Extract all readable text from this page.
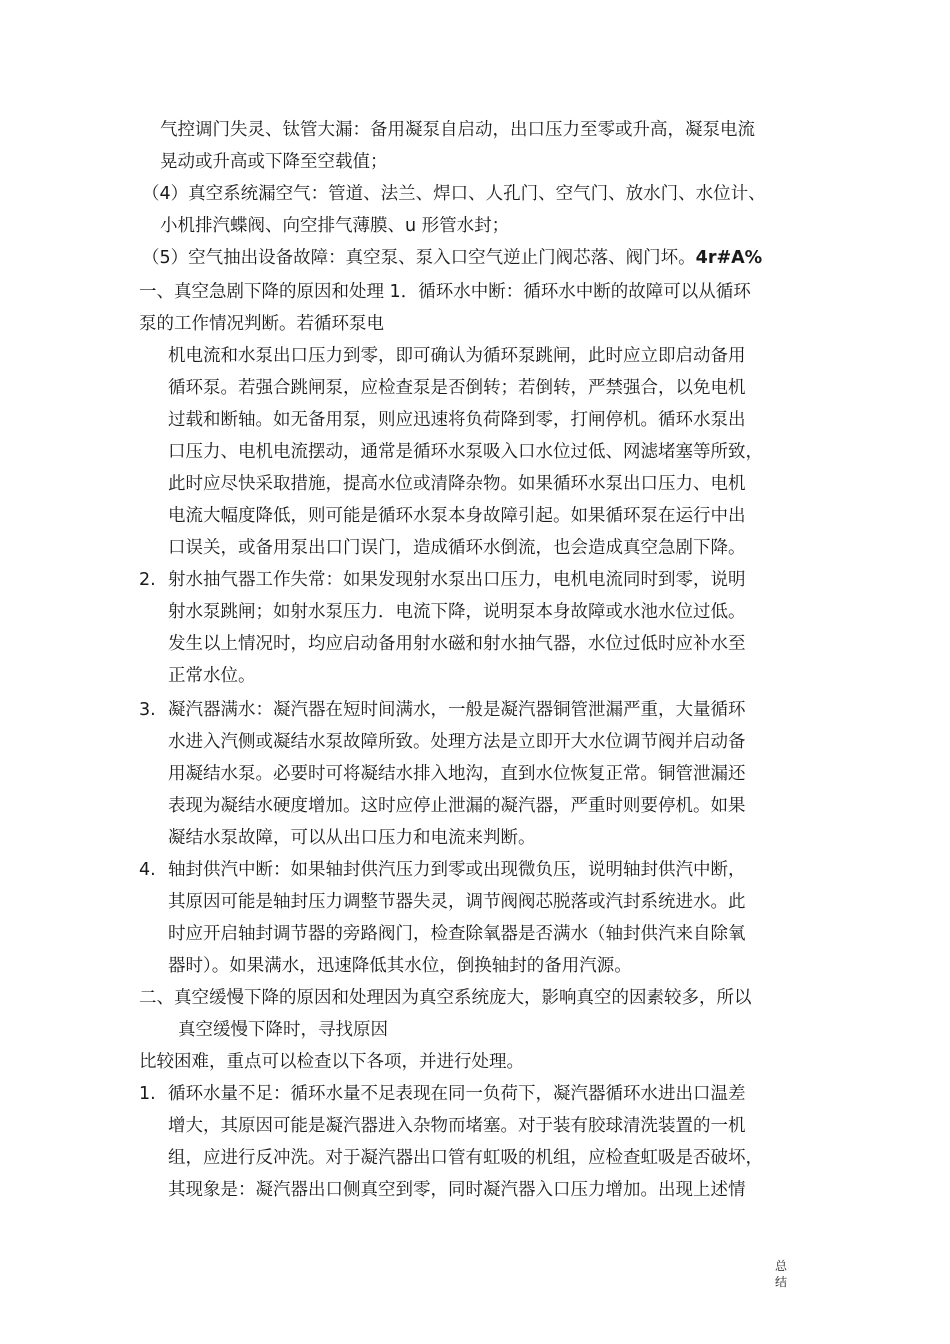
气控调门失灵、钛管大漏：备用凝泵自启动，出口压力至零或升高，凝泵电流
晃动或升高或下降至空载值；
（4）真空系统漏空气：管道、法兰、焊口、人孔门、空气门、放水门、水位计、
小机排汽蝶阀、向空排气薄膜、u 形管水封；
（5）空气抽出设备故障：真空泵、泵入口空气逆止门阀芯落、阀门坏。4r#A%
一、真空急剧下降的原因和处理 1．循环水中断：循环水中断的故障可以从循环
泵的工作情况判断。若循环泵电
机电流和水泵出口压力到零，即可确认为循环泵跳闸，此时应立即启动备用
循环泵。若强合跳闸泵，应检查泵是否倒转；若倒转，严禁强合，以免电机
过载和断轴。如无备用泵，则应迅速将负荷降到零，打闸停机。循环水泵出
口压力、电机电流摆动，通常是循环水泵吸入口水位过低、网滤堵塞等所致，
此时应尽快采取措施，提高水位或清降杂物。如果循环水泵出口压力、电机
电流大幅度降低，则可能是循环水泵本身故障引起。如果循环泵在运行中出
口误关，或备用泵出口门误门，造成循环水倒流，也会造成真空急剧下降。
2. 射水抽气器工作失常：如果发现射水泵出口压力，电机电流同时到零，说明
射水泵跳闸；如射水泵压力．电流下降，说明泵本身故障或水池水位过低。
发生以上情况时，均应启动备用射水磁和射水抽气器，水位过低时应补水至
正常水位。
3. 凝汽器满水：凝汽器在短时间满水，一般是凝汽器铜管泄漏严重，大量循环
水进入汽侧或凝结水泵故障所致。处理方法是立即开大水位调节阀并启动备
用凝结水泵。必要时可将凝结水排入地沟，直到水位恢复正常。铜管泄漏还
表现为凝结水硬度增加。这时应停止泄漏的凝汽器，严重时则要停机。如果
凝结水泵故障，可以从出口压力和电流来判断。
4. 轴封供汽中断：如果轴封供汽压力到零或出现微负压，说明轴封供汽中断，
其原因可能是轴封压力调整节器失灵，调节阀阀芯脱落或汽封系统进水。此
时应开启轴封调节器的旁路阀门，检查除氧器是否满水（轴封供汽来自除氧
器时）。如果满水，迅速降低其水位，倒换轴封的备用汽源。
二、真空缓慢下降的原因和处理因为真空系统庞大，影响真空的因素较多，所以
真空缓慢下降时，寻找原因
比较困难，重点可以检查以下各项，并进行处理。
1. 循环水量不足：循环水量不足表现在同一负荷下，凝汽器循环水进出口温差
增大，其原因可能是凝汽器进入杂物而堵塞。对于装有胶球清洗装置的一机
组，应进行反冲洗。对于凝汽器出口管有虹吸的机组，应检查虹吸是否破坏，
其现象是：凝汽器出口侧真空到零，同时凝汽器入口压力增加。出现上述情
总
结
